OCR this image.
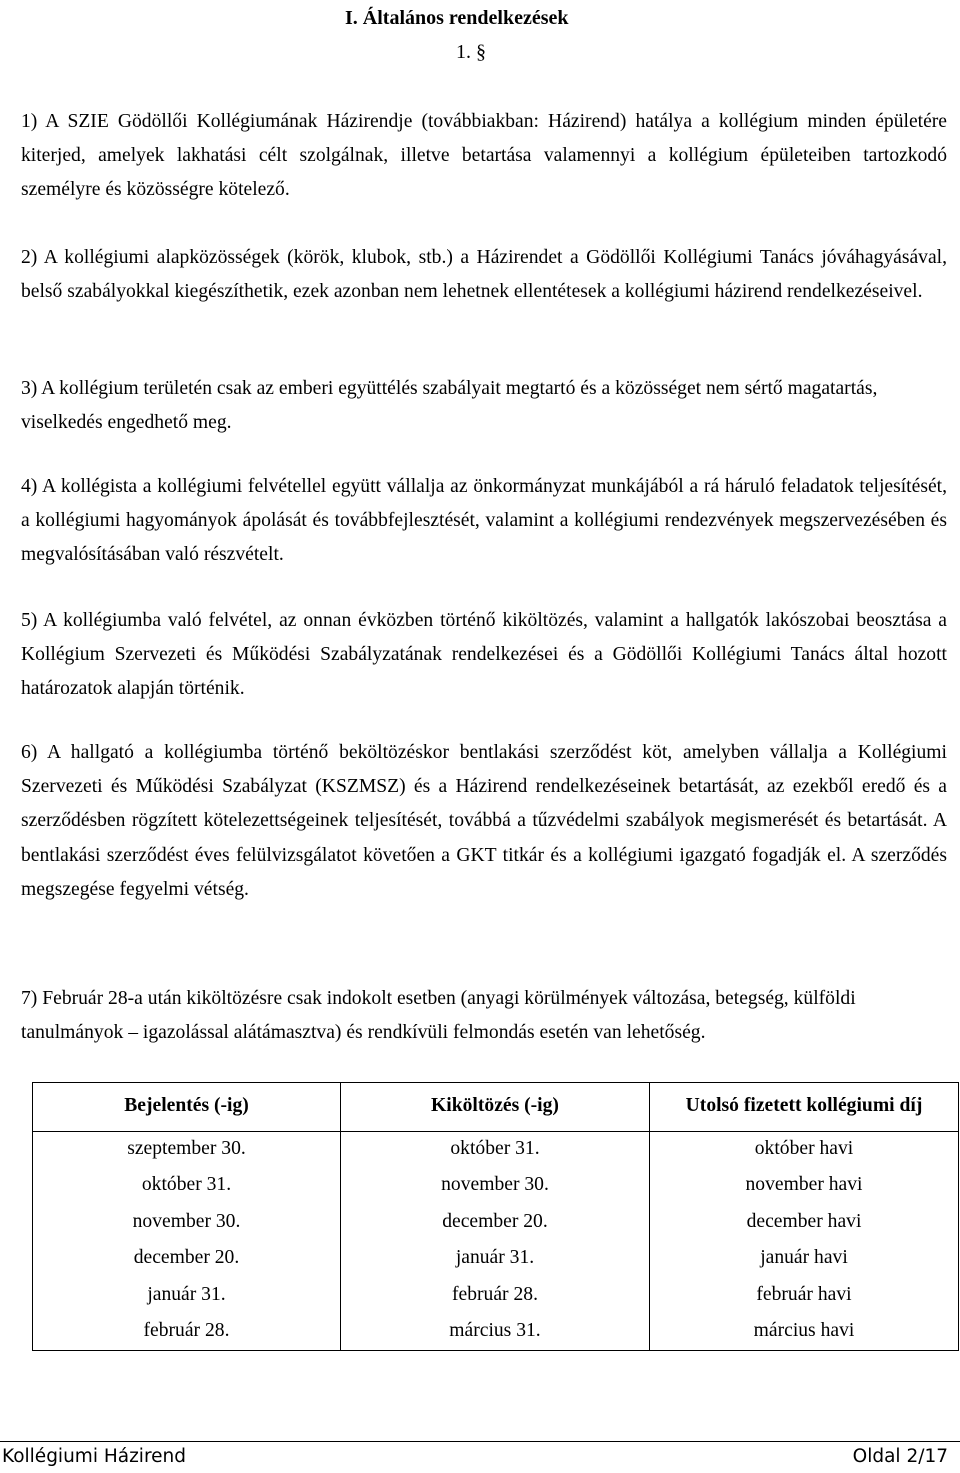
I. Általános rendelkezések
1. §

1) A SZIE Gödöllői Kollégiumának Házirendje (továbbiakban: Házirend) hatálya a kollégium minden épületére kiterjed, amelyek lakhatási célt szolgálnak, illetve betartása valamennyi a kollégium épületeiben tartozkodó személyre és közösségre kötelező.

2) A kollégiumi alapközösségek (körök, klubok, stb.) a Házirendet a Gödöllői Kollégiumi Tanács jóváhagyásával, belső szabályokkal kiegészíthetik, ezek azonban nem lehetnek ellentétesek a kollégiumi házirend rendelkezéseivel.

3) A kollégium területén csak az emberi együttélés szabályait megtartó és a közösséget nem sértő magatartás, viselkedés engedhető meg.

4) A kollégista a kollégiumi felvétellel együtt vállalja az önkormányzat munkájából a rá háruló feladatok teljesítését, a kollégiumi hagyományok ápolását és továbbfejlesztését, valamint a kollégiumi rendezvények megszervezésében és megvalósításában való részvételt.

5) A kollégiumba való felvétel, az onnan évközben történő kiköltözés, valamint a hallgatók lakószobai beosztása a Kollégium Szervezeti és Működési Szabályzatának rendelkezései és a Gödöllői Kollégiumi Tanács által hozott határozatok alapján történik.

6) A hallgató a kollégiumba történő beköltözéskor bentlakási szerződést köt, amelyben vállalja a Kollégiumi Szervezeti és Működési Szabályzat (KSZMSZ) és a Házirend rendelkezéseinek betartását, az ezekből eredő és a szerződésben rögzített kötelezettségeinek teljesítését, továbbá a tűzvédelmi szabályok megismerését és betartását. A bentlakási szerződést éves felülvizsgálatot követően a GKT titkár és a kollégiumi igazgató fogadják el. A szerződés megszegése fegyelmi vétség.

7) Február 28-a után kiköltözésre csak indokolt esetben (anyagi körülmények változása, betegség, külföldi tanulmányok – igazolással alátámasztva) és rendkívüli felmondás esetén van lehetőség.

Bejelentés (-ig)	Kiköltözés (-ig)	Utolsó fizetett kollégiumi díj
szeptember 30.	október 31.	október havi
október 31.	november 30.	november havi
november 30.	december 20.	december havi
december 20.	január 31.	január havi
január 31.	február 28.	február havi
február 28.	március 31.	március havi
Kollégiumi Házirend	Oldal 2/17
